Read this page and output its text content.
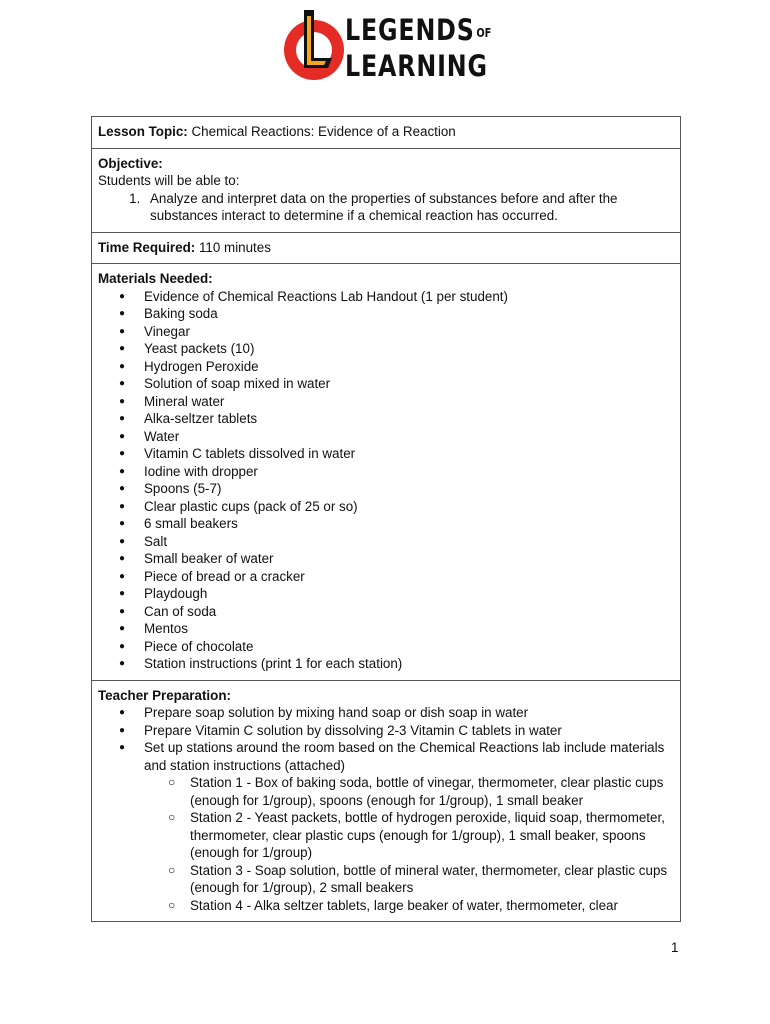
LEGENDS OF
LEARNING
Lesson Topic: Chemical Reactions: Evidence of a Reaction

Objective:
Students will be able to:
1. Analyze and interpret data on the properties of substances before and after the substances interact to determine if a chemical reaction has occurred.

Time Required: 110 minutes

Materials Needed:
● Evidence of Chemical Reactions Lab Handout (1 per student)
● Baking soda
● Vinegar
● Yeast packets (10)
● Hydrogen Peroxide
● Solution of soap mixed in water
● Mineral water
● Alka-seltzer tablets
● Water
● Vitamin C tablets dissolved in water
● Iodine with dropper
● Spoons (5-7)
● Clear plastic cups (pack of 25 or so)
● 6 small beakers
● Salt
● Small beaker of water
● Piece of bread or a cracker
● Playdough
● Can of soda
● Mentos
● Piece of chocolate
● Station instructions (print 1 for each station)

Teacher Preparation:
● Prepare soap solution by mixing hand soap or dish soap in water
● Prepare Vitamin C solution by dissolving 2-3 Vitamin C tablets in water
● Set up stations around the room based on the Chemical Reactions lab include materials and station instructions (attached)
○ Station 1 - Box of baking soda, bottle of vinegar, thermometer, clear plastic cups (enough for 1/group), spoons (enough for 1/group), 1 small beaker
○ Station 2 - Yeast packets, bottle of hydrogen peroxide, liquid soap, thermometer, thermometer, clear plastic cups (enough for 1/group), 1 small beaker, spoons (enough for 1/group)
○ Station 3 - Soap solution, bottle of mineral water, thermometer, clear plastic cups (enough for 1/group), 2 small beakers
○ Station 4 - Alka seltzer tablets, large beaker of water, thermometer, clear
1
